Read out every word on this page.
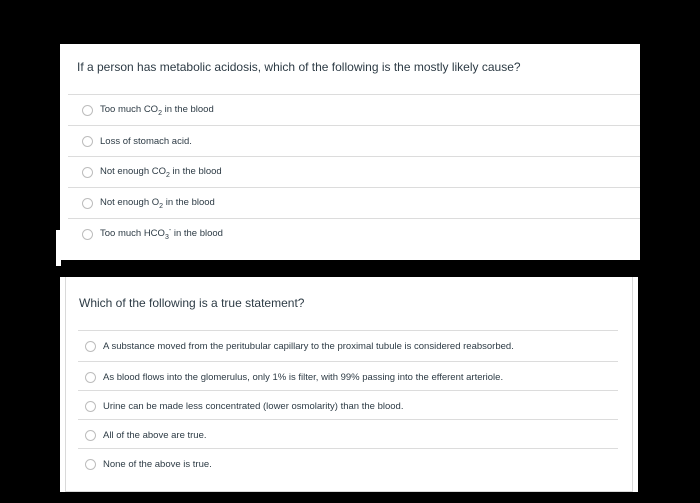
If a person has metabolic acidosis, which of the following is the mostly likely cause?
Too much $CO_2$ in the blood
Loss of stomach acid.
Not enough $CO_2$ in the blood
Not enough $O_2$ in the blood
Too much $HCO_3^-$ in the blood
Which of the following is a true statement?
A substance moved from the peritubular capillary to the proximal tubule is considered reabsorbed.
As blood flows into the glomerulus, only 1% is filter, with 99% passing into the efferent arteriole.
Urine can be made less concentrated (lower osmolarity) than the blood.
All of the above are true.
None of the above is true.
